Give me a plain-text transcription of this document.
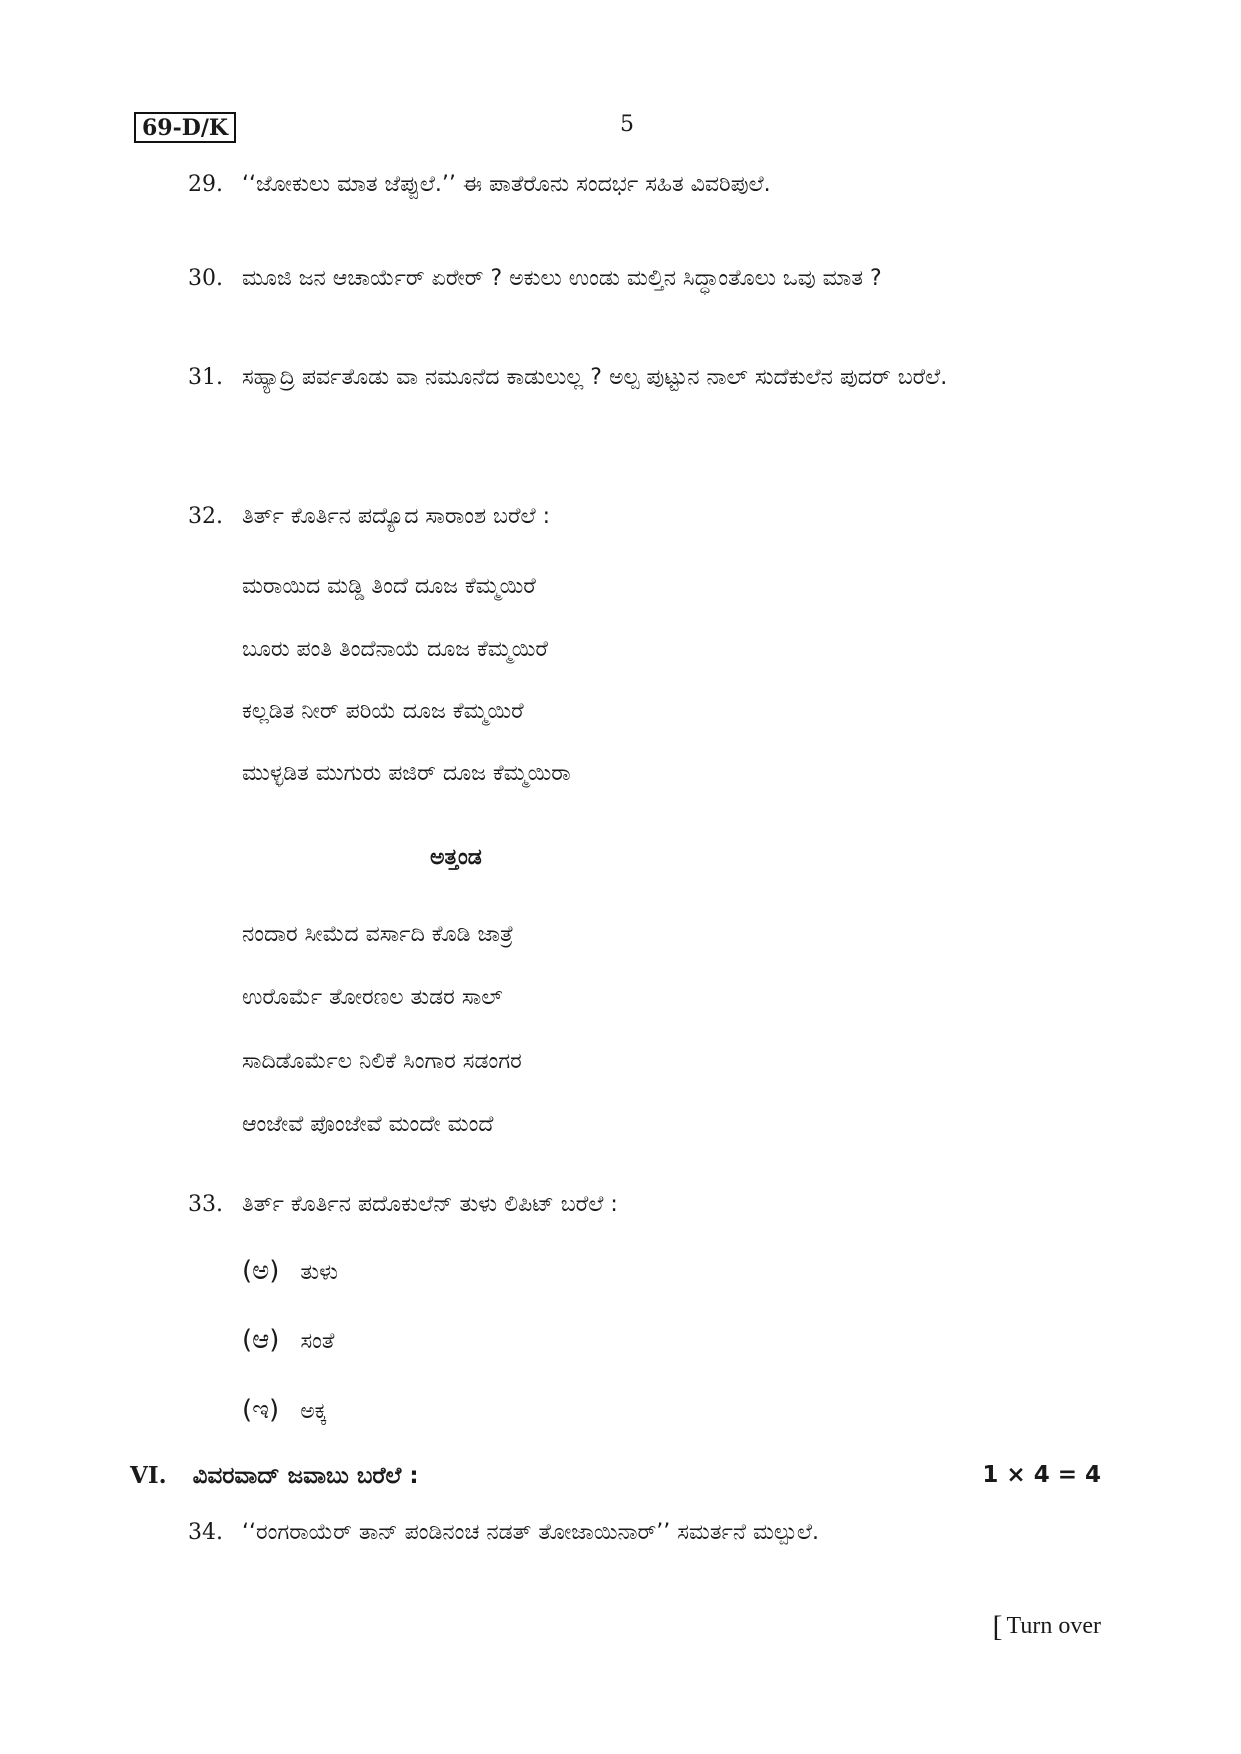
69-D/K	5
29. ‘‘ಜೋಕುಲು ಮಾತ ಜೆಪ್ಪುಲೆ.’’ ಈ ಪಾತೆರೊನು ಸಂದರ್ಭ ಸಹಿತ ವಿವರಿಪುಲೆ.
30. ಮೂಜಿ ಜನ ಆಚಾರ್ಯೆರ್ ಏರೇರ್ ? ಅಕುಲು ಉಂಡು ಮಲ್ತಿನ ಸಿದ್ಧಾಂತೊಲು ಒವು ಮಾತ ?
31. ಸಹ್ಯಾದ್ರಿ ಪರ್ವತೊಡು ವಾ ನಮೂನೆದ ಕಾಡುಲುಲ್ಲ ? ಅಲ್ಪ ಪುಟ್ಟುನ ನಾಲ್ ಸುದೆಕುಲೆನ ಪುದರ್ ಬರೆಲೆ.
32. ತಿರ್ತ್ ಕೊರ್ತಿನ ಪದ್ಯೊದ ಸಾರಾಂಶ ಬರೆಲೆ :
ಮರಾಯಿದ ಮಡ್ಡಿ ತಿಂದೆ ದೂಜ ಕೆಮ್ಮಯಿರೆ
ಬೂರು ಪಂತಿ ತಿಂದೆನಾಯೆ ದೂಜ ಕೆಮ್ಮಯಿರೆ
ಕಲ್ಲಡಿತ ನೀರ್ ಪರಿಯೆ ದೂಜ ಕೆಮ್ಮಯಿರೆ
ಮುಳ್ಳಡಿತ ಮುಗುರು ಪಜಿರ್ ದೂಜ ಕೆಮ್ಮಯಿರಾ
ಅತ್ತಂಡ
ನಂದಾರ ಸೀಮೆದ ವರ್ಸಾದಿ ಕೊಡಿ ಜಾತ್ರೆ
ಉರೊರ್ಮೆ ತೋರಣಲ ತುಡರ ಸಾಲ್
ಸಾದಿಡೊರ್ಮೆಲ ನಿಲಿಕೆ ಸಿಂಗಾರ ಸಡಂಗರ
ಆಂಜೇವೆ ಪೊಂಜೇವೆ ಮಂದೇ ಮಂದೆ
33. ತಿರ್ತ್ ಕೊರ್ತಿನ ಪದೊಕುಲೆನ್ ತುಳು ಲಿಪಿಟ್ ಬರೆಲೆ :
(ಅ) ತುಳು
(ಆ) ಸಂತೆ
(ಇ) ಅಕ್ಕ
VI. ವಿವರವಾದ್ ಜವಾಬು ಬರೆಲೆ :	1 × 4 = 4
34. ‘‘ರಂಗರಾಯೆರ್ ತಾನ್ ಪಂಡಿನಂಚ ನಡತ್ ತೋಜಾಯಿನಾರ್’’ ಸಮರ್ತನೆ ಮಲ್ಪುಲೆ.
[ Turn over
